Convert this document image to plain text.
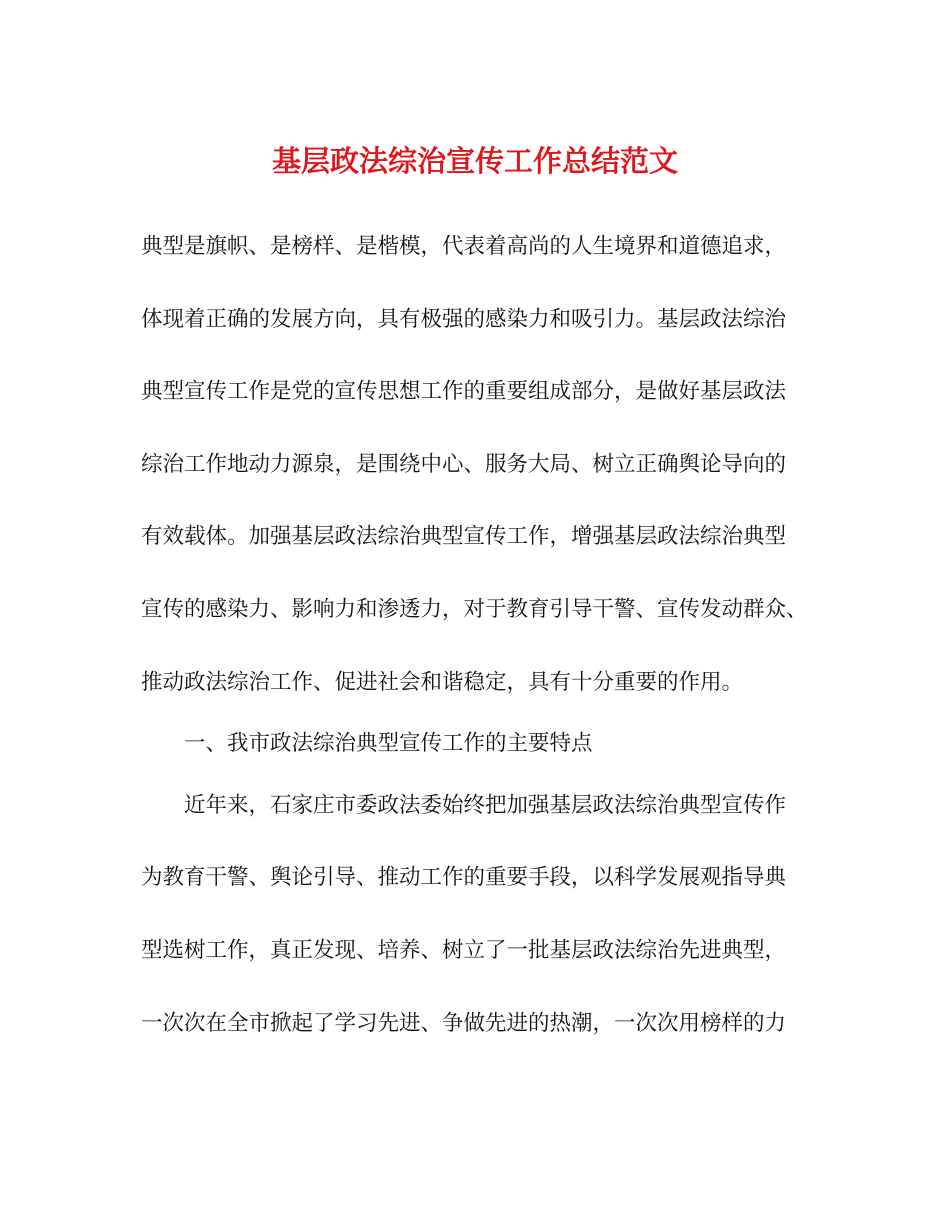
基层政法综治宣传工作总结范文
典型是旗帜、是榜样、是楷模，代表着高尚的人生境界和道德追求，
体现着正确的发展方向，具有极强的感染力和吸引力。基层政法综治
典型宣传工作是党的宣传思想工作的重要组成部分，是做好基层政法
综治工作地动力源泉，是围绕中心、服务大局、树立正确舆论导向的
有效载体。加强基层政法综治典型宣传工作，增强基层政法综治典型
宣传的感染力、影响力和渗透力，对于教育引导干警、宣传发动群众、
推动政法综治工作、促进社会和谐稳定，具有十分重要的作用。
一、我市政法综治典型宣传工作的主要特点
近年来，石家庄市委政法委始终把加强基层政法综治典型宣传作
为教育干警、舆论引导、推动工作的重要手段，以科学发展观指导典
型选树工作，真正发现、培养、树立了一批基层政法综治先进典型，
一次次在全市掀起了学习先进、争做先进的热潮，一次次用榜样的力
